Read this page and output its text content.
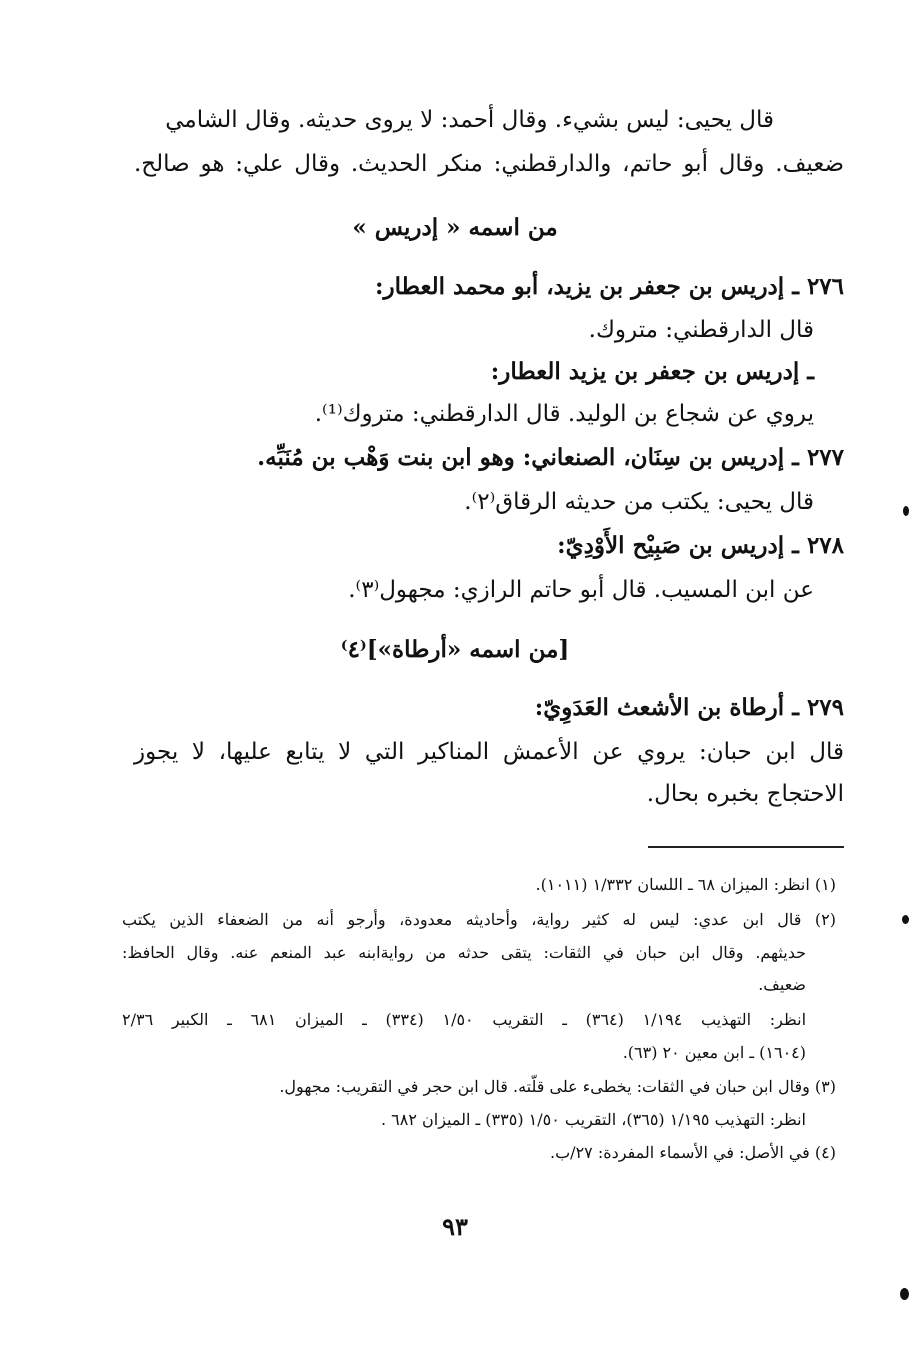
قال يحيى: ليس بشيء. وقال أحمد: لا يروى حديثه. وقال الشامي
ضعيف. وقال أبو حاتم، والدارقطني: منكر الحديث. وقال علي: هو صالح.
من اسمه « إدريس »
٢٧٦ ـ إدريس بن جعفر بن يزيد، أبو محمد العطار:
قال الدارقطني: متروك.
ـ إدريس بن جعفر بن يزيد العطار:
يروي عن شجاع بن الوليد. قال الدارقطني: متروك⁽¹⁾.
٢٧٧ ـ إدريس بن سِنَان، الصنعاني: وهو ابن بنت وَهْب بن مُنَبِّه.
قال يحيى: يكتب من حديثه الرقاق⁽٢⁾.
٢٧٨ ـ إدريس بن صَبِيْح الأَوْدِيّ:
عن ابن المسيب. قال أبو حاتم الرازي: مجهول⁽٣⁾.
[من اسمه «أرطاة»]⁽٤⁾
٢٧٩ ـ أرطاة بن الأشعث العَدَوِيّ:
قال ابن حبان: يروي عن الأعمش المناكير التي لا يتابع عليها، لا يجوز
الاحتجاج بخبره بحال.
(١) انظر: الميزان ٦٨ ـ اللسان ١/٣٣٢ (١٠١١).
(٢) قال ابن عدي: ليس له كثير رواية، وأحاديثه معدودة، وأرجو أنه من الضعفاء الذين يكتب
حديثهم. وقال ابن حبان في الثقات: يتقى حدثه من روايةابنه عبد المنعم عنه. وقال الحافظ:
ضعيف.
انظر: التهذيب ١/١٩٤ (٣٦٤) ـ التقريب ١/٥٠ (٣٣٤) ـ الميزان ٦٨١ ـ الكبير ٢/٣٦
(١٦٠٤) ـ ابن معين ٢٠ (٦٣).
(٣) وقال ابن حبان في الثقات: يخطىء على قلّته. قال ابن حجر في التقريب: مجهول.
انظر: التهذيب ١/١٩٥ (٣٦٥)، التقريب ١/٥٠ (٣٣٥) ـ الميزان ٦٨٢ .
(٤) في الأصل: في الأسماء المفردة: ٢٧/ب.
٩٣
